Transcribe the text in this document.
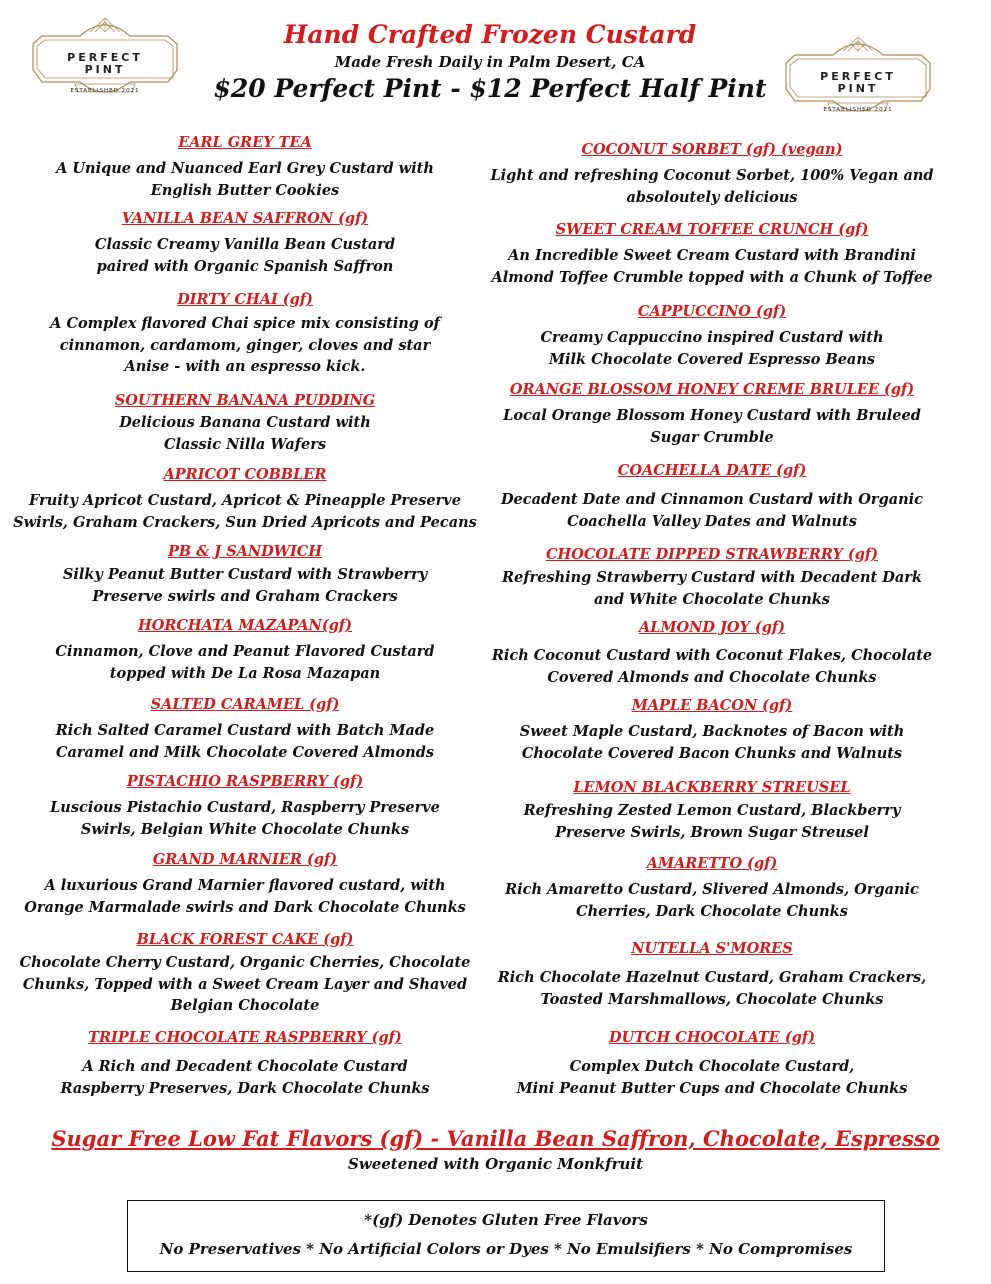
PERFECT
PINT
ESTABLISHED 2021
PERFECT
PINT
ESTABLISHED 2021
Hand Crafted Frozen Custard
Made Fresh Daily in Palm Desert, CA
$20 Perfect Pint - $12 Perfect Half Pint
EARL GREY TEA
A Unique and Nuanced Earl Grey Custard with
English Butter Cookies
VANILLA BEAN SAFFRON (gf)
Classic Creamy Vanilla Bean Custard
paired with Organic Spanish Saffron
DIRTY CHAI (gf)
A Complex flavored Chai spice mix consisting of
cinnamon, cardamom, ginger, cloves and star
Anise - with an espresso kick.
SOUTHERN BANANA PUDDING
Delicious Banana Custard with
Classic Nilla Wafers
APRICOT COBBLER
Fruity Apricot Custard, Apricot & Pineapple Preserve
Swirls, Graham Crackers, Sun Dried Apricots and Pecans
PB & J SANDWICH
Silky Peanut Butter Custard with Strawberry
Preserve swirls and Graham Crackers
HORCHATA MAZAPAN(gf)
Cinnamon, Clove and Peanut Flavored Custard
topped with De La Rosa Mazapan
SALTED CARAMEL (gf)
Rich Salted Caramel Custard with Batch Made
Caramel and Milk Chocolate Covered Almonds
PISTACHIO RASPBERRY (gf)
Luscious Pistachio Custard, Raspberry Preserve
Swirls, Belgian White Chocolate Chunks
GRAND MARNIER (gf)
A luxurious Grand Marnier flavored custard, with
Orange Marmalade swirls and Dark Chocolate Chunks
BLACK FOREST CAKE (gf)
Chocolate Cherry Custard, Organic Cherries, Chocolate
Chunks, Topped with a Sweet Cream Layer and Shaved
Belgian Chocolate
TRIPLE CHOCOLATE RASPBERRY (gf)
A Rich and Decadent Chocolate Custard
Raspberry Preserves, Dark Chocolate Chunks
COCONUT SORBET (gf) (vegan)
Light and refreshing Coconut Sorbet, 100% Vegan and
absoloutely delicious
SWEET CREAM TOFFEE CRUNCH (gf)
An Incredible Sweet Cream Custard with Brandini
Almond Toffee Crumble topped with a Chunk of Toffee
CAPPUCCINO (gf)
Creamy Cappuccino inspired Custard with
Milk Chocolate Covered Espresso Beans
ORANGE BLOSSOM HONEY CREME BRULEE (gf)
Local Orange Blossom Honey Custard with Bruleed
Sugar Crumble
COACHELLA DATE (gf)
Decadent Date and Cinnamon Custard with Organic
Coachella Valley Dates and Walnuts
CHOCOLATE DIPPED STRAWBERRY (gf)
Refreshing Strawberry Custard with Decadent Dark
and White Chocolate Chunks
ALMOND JOY (gf)
Rich Coconut Custard with Coconut Flakes, Chocolate
Covered Almonds and Chocolate Chunks
MAPLE BACON (gf)
Sweet Maple Custard, Backnotes of Bacon with
Chocolate Covered Bacon Chunks and Walnuts
LEMON BLACKBERRY STREUSEL
Refreshing Zested Lemon Custard, Blackberry
Preserve Swirls, Brown Sugar Streusel
AMARETTO (gf)
Rich Amaretto Custard, Slivered Almonds, Organic
Cherries, Dark Chocolate Chunks
NUTELLA S'MORES
Rich Chocolate Hazelnut Custard, Graham Crackers,
Toasted Marshmallows, Chocolate Chunks
DUTCH CHOCOLATE (gf)
Complex Dutch Chocolate Custard,
Mini Peanut Butter Cups and Chocolate Chunks
Sugar Free Low Fat Flavors (gf) - Vanilla Bean Saffron, Chocolate, Espresso
Sweetened with Organic Monkfruit
*(gf) Denotes Gluten Free Flavors
No Preservatives * No Artificial Colors or Dyes * No Emulsifiers * No Compromises
